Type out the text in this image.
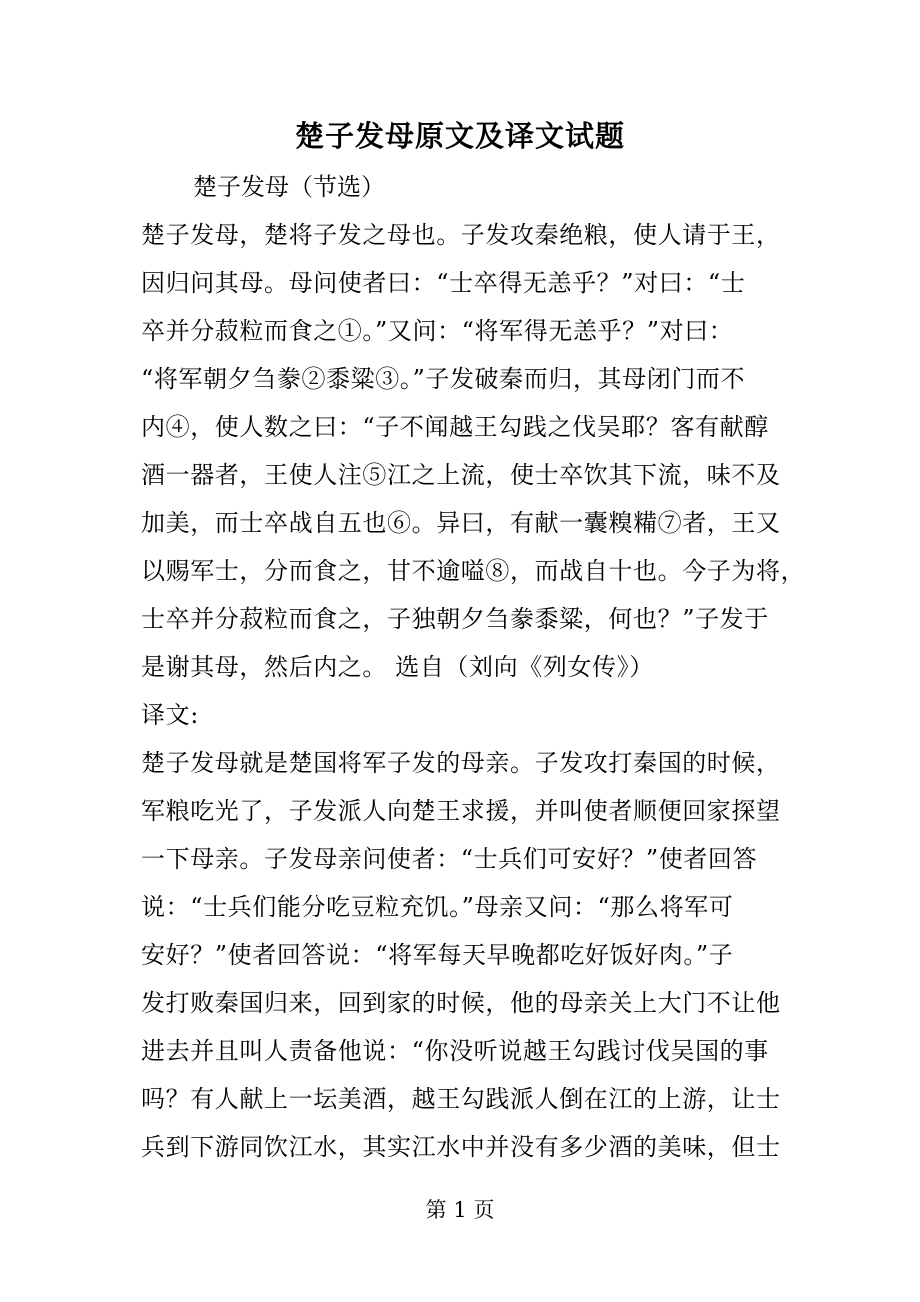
楚子发母原文及译文试题
楚子发母（节选）
楚子发母，楚将子发之母也。子发攻秦绝粮，使人请于王，
因归问其母。母问使者曰：“士卒得无恙乎？”对曰：“士
卒并分菽粒而食之①。”又问：“将军得无恙乎？”对曰：
“将军朝夕刍豢②黍粱③。”子发破秦而归，其母闭门而不
内④，使人数之曰：“子不闻越王勾践之伐吴耶？客有献醇
酒一器者，王使人注⑤江之上流，使士卒饮其下流，味不及
加美，而士卒战自五也⑥。异曰，有献一囊糗糒⑦者，王又
以赐军士，分而食之，甘不逾嗌⑧，而战自十也。今子为将，
士卒并分菽粒而食之，子独朝夕刍豢黍粱，何也？”子发于
是谢其母，然后内之。 选自（刘向《列女传》）
译文:
楚子发母就是楚国将军子发的母亲。子发攻打秦国的时候，
军粮吃光了，子发派人向楚王求援，并叫使者顺便回家探望
一下母亲。子发母亲问使者：“士兵们可安好？”使者回答
说：“士兵们能分吃豆粒充饥。”母亲又问：“那么将军可
安好？”使者回答说：“将军每天早晚都吃好饭好肉。”子
发打败秦国归来，回到家的时候，他的母亲关上大门不让他
进去并且叫人责备他说：“你没听说越王勾践讨伐吴国的事
吗？有人献上一坛美酒，越王勾践派人倒在江的上游，让士
兵到下游同饮江水，其实江水中并没有多少酒的美味，但士
第 1 页
